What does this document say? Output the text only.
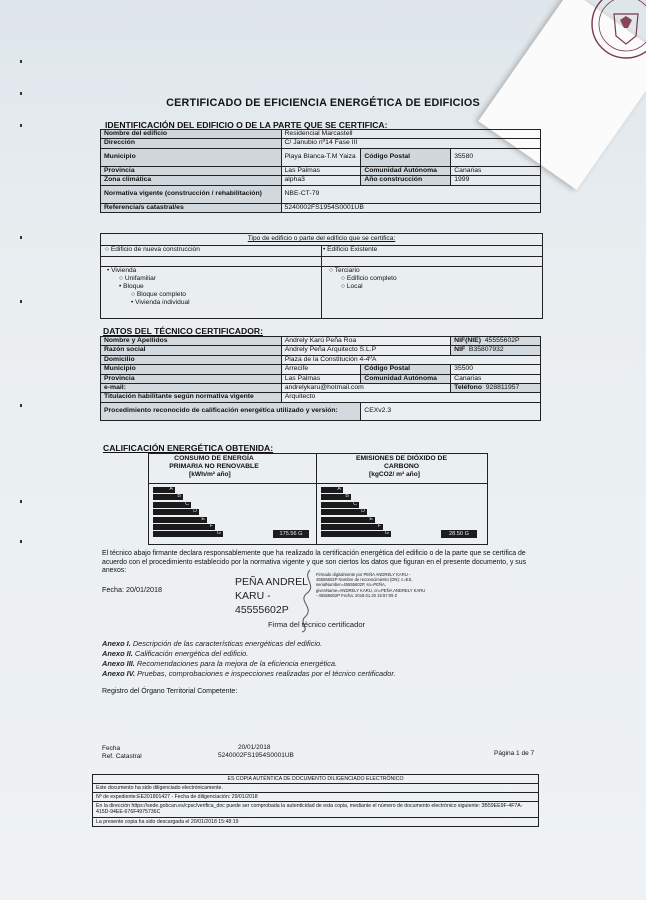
CERTIFICADO DE EFICIENCIA ENERGÉTICA DE EDIFICIOS
IDENTIFICACIÓN DEL EDIFICIO O DE LA PARTE QUE SE CERTIFICA:
Nombre del edificio	Residencial Marcastell		
Dirección	C/ Janubio nº14 Fase III		
Municipio	Playa Blanca-T.M Yaiza	Código Postal	35580
Provincia	Las Palmas	Comunidad Autónoma	Canarias
Zona climática	alpha3	Año construcción	1999
Normativa vigente (construcción / rehabilitación)	NBE-CT-79		
Referencia/s catastral/es	5240002FS1954S0001UB		
Tipo de edificio o parte del edificio que se certifica:
○ Edificio de nueva construcción	• Edificio Existente
• Vivienda
○ Unifamiliar
• Bloque
○ Bloque completo
• Vivienda individual
○ Terciario
○ Edificio completo
○ Local
DATOS DEL TÉCNICO CERTIFICADOR:
Nombre y Apellidos	Andrely Karú Peña Roa		NIF(NIE) 45555602P
Razón social	Andrely Peña Arquitecto S.L.P		NIF B35807932
Domicilio	Plaza de la Constitución 4-4ºA		
Municipio	Arrecife	Código Postal	35500
Provincia	Las Palmas	Comunidad Autónoma	Canarias
e-mail:	andrelykaru@hotmail.com		Teléfono 928811957
Titulación habilitante según normativa vigente	Arquitecto		
Procedimiento reconocido de calificación energética utilizado y versión:		CEXv2.3	
CALIFICACIÓN ENERGÉTICA OBTENIDA:
CONSUMO DE ENERGÍA PRIMARIA NO RENOVABLE
[kWh/m² año]
EMISIONES DE DIÓXIDO DE CARBONO
[kgCO2/ m² año]
A
B
C
D
E
F
G	175.56 G
A
B
C
D
E
F
G	28.50 G
El técnico abajo firmante declara responsablemente que ha realizado la certificación energética del edificio o de la parte que se certifica de acuerdo con el procedimiento establecido por la normativa vigente y que son ciertos los datos que figuran en el presente documento, y sus anexos:
Fecha: 20/01/2018
PEÑA ANDREL KARU - 45555602P
Firmado digitalmente por PEÑA ANDRELY KARU - 45555602P Nombre de reconocimiento (DN): c=ES, serialNumber=45555602P, sn=PEÑA, givenName=ANDRELY KARU, cn=PEÑA ANDRELY KARU - 45555602P Fecha: 2018.01.20 15:57:09 Z
Firma del técnico certificador
Anexo I. Descripción de las características energéticas del edificio.
Anexo II. Calificación energética del edificio.
Anexo III. Recomendaciones para la mejora de la eficiencia energética.
Anexo IV. Pruebas, comprobaciones e inspecciones realizadas por el técnico certificador.
Registro del Órgano Territorial Competente:
Fecha
Ref. Catastral
20/01/2018
5240002FS1954S0001UB	Página 1 de 7
ES COPIA AUTÉNTICA DE DOCUMENTO DILIGENCIADO ELECTRÓNICO
Este documento ha sido diligenciado electrónicamente.
Nº de expediente:EE201801427 - Fecha de diligenciación: 29/01/2018
En la dirección https://sede.gobcan.es/cpsc/verifica_doc puede ser comprobada la autenticidad de esta copia, mediante el número de documento electrónico siguiente: 3B59EE9F-4F7A-415D-94EE-676F4975736C
La presente copia ha sido descargada el 20/01/2018 15:48:19
